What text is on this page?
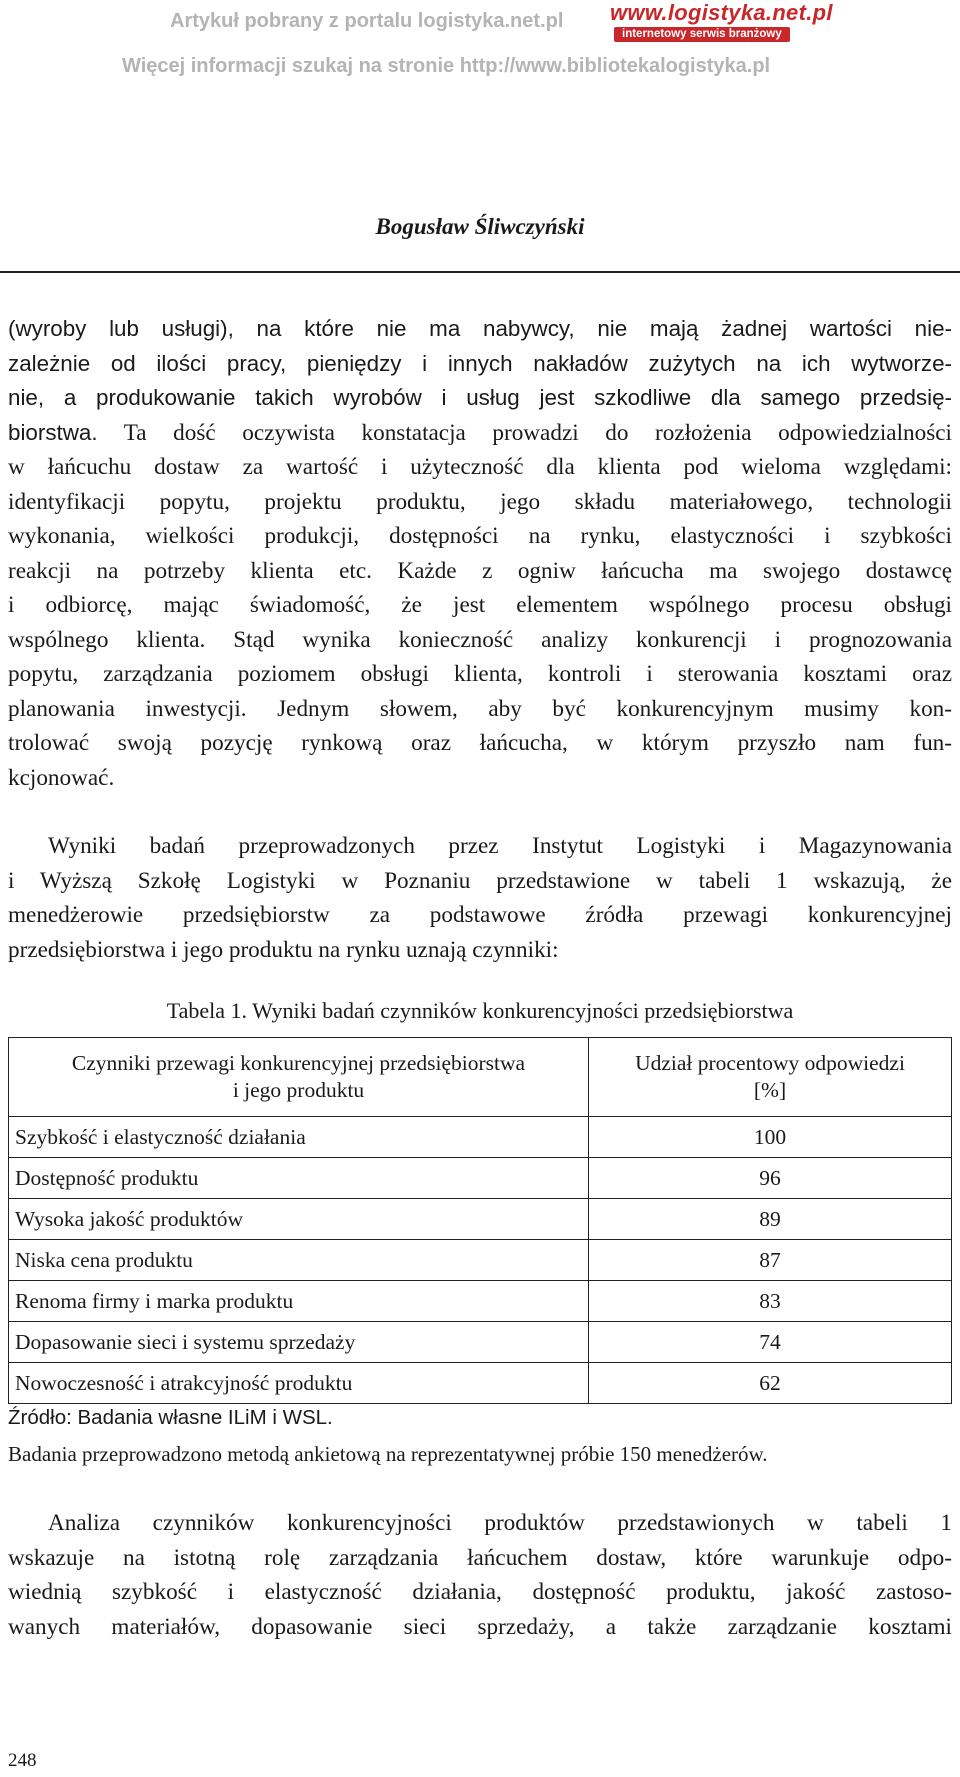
Artykuł pobrany z portalu logistyka.net.pl
Więcej informacji szukaj na stronie http://www.bibliotekalogistyka.pl
www.logistyka.net.pl
internetowy serwis branżowy
Bogusław Śliwczyński
(wyroby lub usługi), na które nie ma nabywcy, nie mają żadnej wartości nie-
zależnie od ilości pracy, pieniędzy i innych nakładów zużytych na ich wytworze-
nie, a produkowanie takich wyrobów i usług jest szkodliwe dla samego przedsię-
biorstwa. Ta dość oczywista konstatacja prowadzi do rozłożenia odpowiedzialności
w łańcuchu dostaw za wartość i użyteczność dla klienta pod wieloma względami:
identyfikacji popytu, projektu produktu, jego składu materiałowego, technologii
wykonania, wielkości produkcji, dostępności na rynku, elastyczności i szybkości
reakcji na potrzeby klienta etc. Każde z ogniw łańcucha ma swojego dostawcę
i odbiorcę, mając świadomość, że jest elementem wspólnego procesu obsługi
wspólnego klienta. Stąd wynika konieczność analizy konkurencji i prognozowania
popytu, zarządzania poziomem obsługi klienta, kontroli i sterowania kosztami oraz
planowania inwestycji. Jednym słowem, aby być konkurencyjnym musimy kon-
trolować swoją pozycję rynkową oraz łańcucha, w którym przyszło nam fun-
kcjonować.
Wyniki badań przeprowadzonych przez Instytut Logistyki i Magazynowania
i Wyższą Szkołę Logistyki w Poznaniu przedstawione w tabeli 1 wskazują, że
menedżerowie przedsiębiorstw za podstawowe źródła przewagi konkurencyjnej
przedsiębiorstwa i jego produktu na rynku uznają czynniki:
Tabela 1. Wyniki badań czynników konkurencyjności przedsiębiorstwa
Czynniki przewagi konkurencyjnej przedsiębiorstwa
i jego produktu	Udział procentowy odpowiedzi
[%]
Szybkość i elastyczność działania	100
Dostępność produktu	96
Wysoka jakość produktów	89
Niska cena produktu	87
Renoma firmy i marka produktu	83
Dopasowanie sieci i systemu sprzedaży	74
Nowoczesność i atrakcyjność produktu	62
Źródło: Badania własne ILiM i WSL.
Badania przeprowadzono metodą ankietową na reprezentatywnej próbie 150 menedżerów.
Analiza czynników konkurencyjności produktów przedstawionych w tabeli 1
wskazuje na istotną rolę zarządzania łańcuchem dostaw, które warunkuje odpo-
wiednią szybkość i elastyczność działania, dostępność produktu, jakość zastoso-
wanych materiałów, dopasowanie sieci sprzedaży, a także zarządzanie kosztami
248
